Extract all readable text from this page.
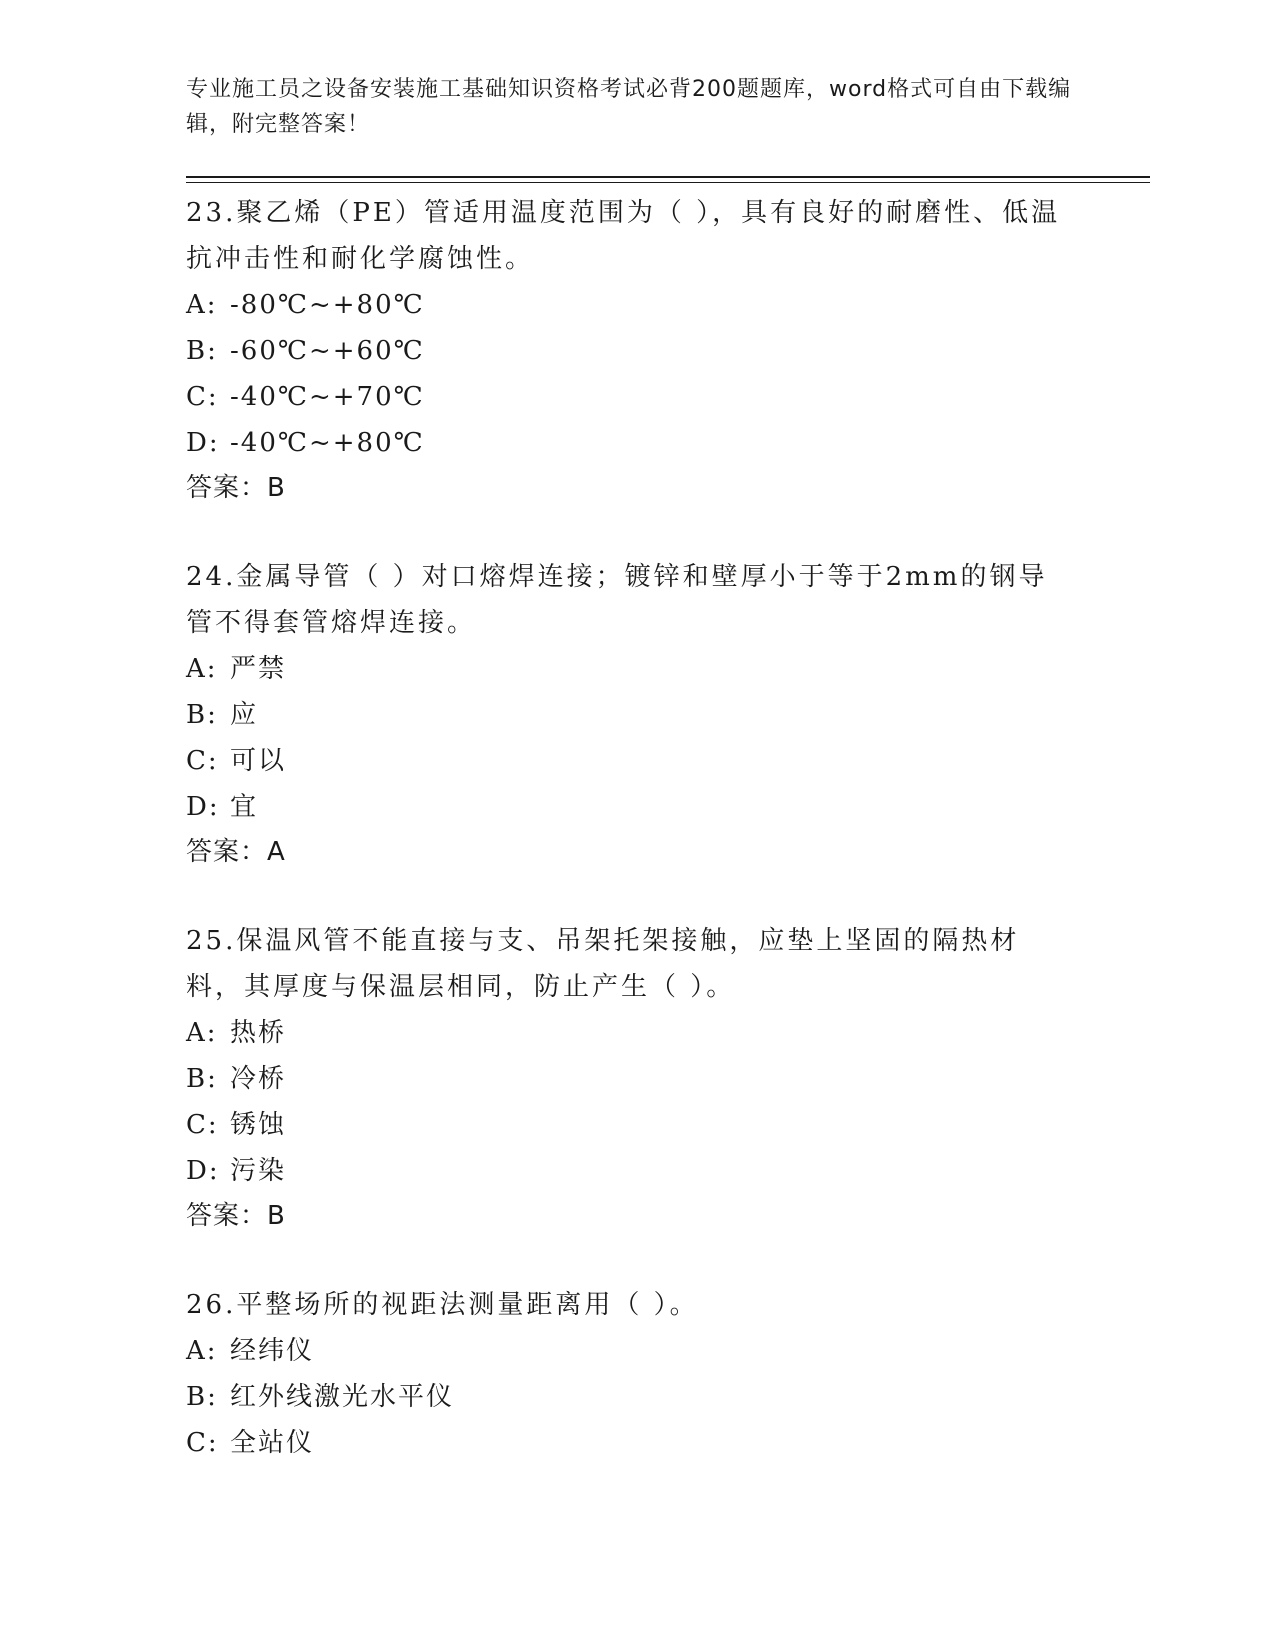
专业施工员之设备安装施工基础知识资格考试必背200题题库，word格式可自由下载编辑，附完整答案！

23.聚乙烯（PE）管适用温度范围为（ ），具有良好的耐磨性、低温抗冲击性和耐化学腐蚀性。

A: -80℃~+80℃
B: -60℃~+60℃
C: -40℃~+70℃
D: -40℃~+80℃
答案：B

24.金属导管（ ）对口熔焊连接；镀锌和壁厚小于等于2mm的钢导管不得套管熔焊连接。

A: 严禁
B: 应
C: 可以
D: 宜
答案：A

25.保温风管不能直接与支、吊架托架接触，应垫上坚固的隔热材料，其厚度与保温层相同，防止产生（ ）。

A: 热桥
B: 冷桥
C: 锈蚀
D: 污染
答案：B

26.平整场所的视距法测量距离用（ ）。

A: 经纬仪
B: 红外线激光水平仪
C: 全站仪
